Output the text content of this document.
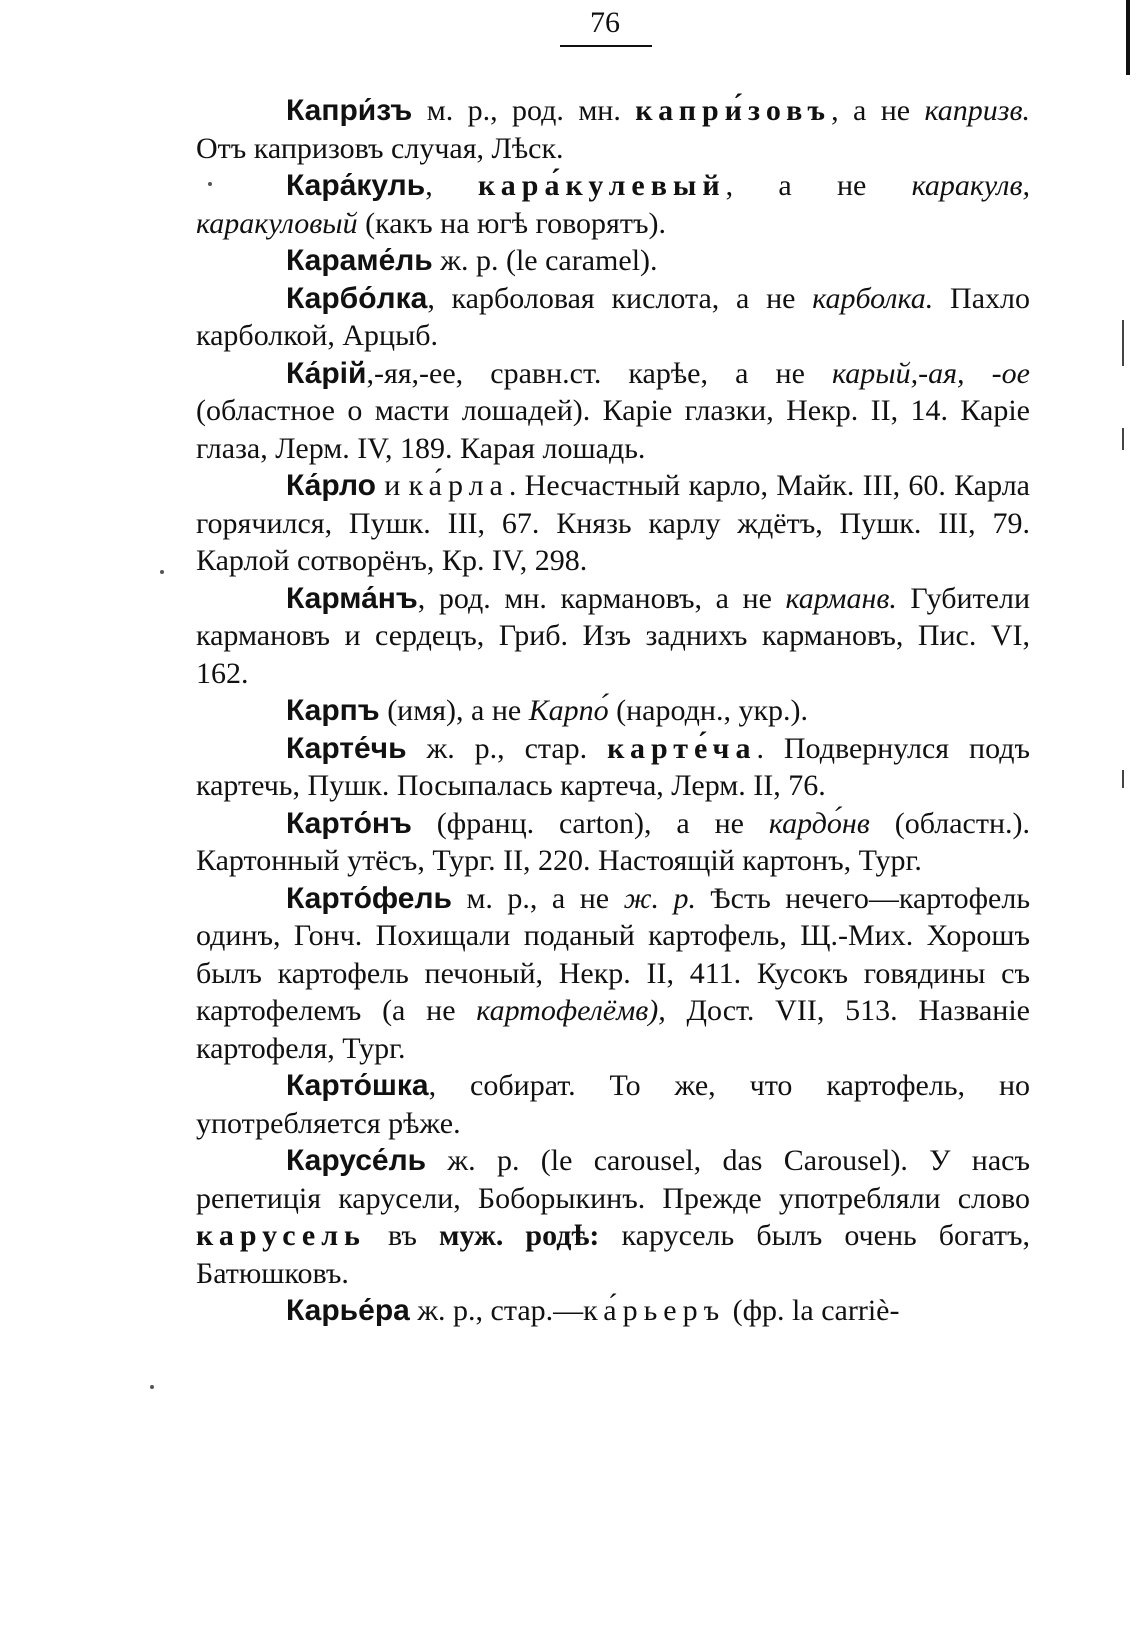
76

Капри́зъ м. р., род. мн. капри́зовъ, а не капризв. Отъ капризовъ случая, Лѣск.

Кара́куль, кара́кулевый, а не каракулв, каракуловый (какъ на югѣ говорятъ).

Караме́ль ж. р. (le caramel).

Карбо́лка, карболовая кислота, а не карболка. Пахло карболкой, Арцыб.

Ка́рій,-яя,-ее, сравн.ст. карѣе, а не карый,-ая, -ое (областное о масти лошадей). Каріе глазки, Некр. II, 14. Каріе глаза, Лерм. IV, 189. Карая лошадь.

Ка́рло и ка́рла. Несчастный карло, Майк. III, 60. Карла горячился, Пушк. III, 67. Князь карлу ждётъ, Пушк. III, 79. Карлой сотворёнъ, Кр. IV, 298.

Карма́нъ, род. мн. кармановъ, а не карманв. Губители кармановъ и сердецъ, Гриб. Изъ заднихъ кармановъ, Пис. VI, 162.

Карпъ (имя), а не Карпо́ (народн., укр.).

Карте́чь ж. р., стар. карте́ча. Подвернулся подъ картечь, Пушк. Посыпалась картеча, Лерм. II, 76.

Карто́нъ (франц. carton), а не кардо́нв (областн.). Картонный утёсъ, Тург. II, 220. Настоящій картонъ, Тург.

Карто́фель м. р., а не ж. р. Ѣсть нечего—картофель одинъ, Гонч. Похищали поданый картофель, Щ.-Мих. Хорошъ былъ картофель печоный, Некр. II, 411. Кусокъ говядины съ картофелемъ (а не картофелёмв), Дост. VII, 513. Названіе картофеля, Тург.

Карто́шка, собират. То же, что картофель, но употребляется рѣже.

Карусе́ль ж. р. (le carousel, das Carousel). У насъ репетиція карусели, Боборыкинъ. Прежде употребляли слово карусель въ муж. родѣ: карусель былъ очень богатъ, Батюшковъ.

Карье́ра ж. р., стар.—ка́рьеръ (фр. la carriè-
